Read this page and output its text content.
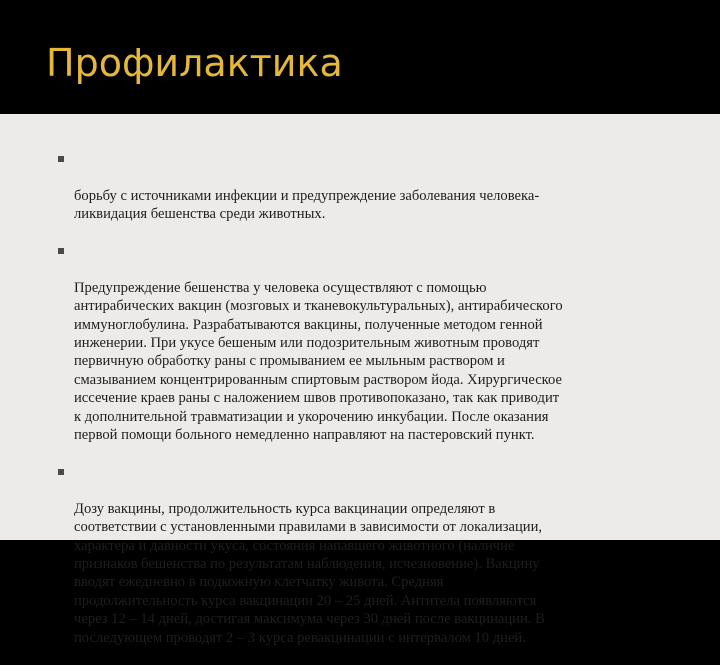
Профилактика

борьбу с источниками инфекции и предупреждение заболевания человека-
ликвидация бешенства среди животных.

Предупреждение бешенства у человека осуществляют с помощью
антирабических вакцин (мозговых и тканевокультуральных), антирабического
иммуноглобулина. Разрабатываются вакцины, полученные методом генной
инженерии. При укусе бешеным или подозрительным животным проводят
первичную обработку раны с промыванием ее мыльным раствором и
смазыванием концентрированным спиртовым раствором йода. Хирургическое
иссечение краев раны с наложением швов противопоказано, так как приводит
к дополнительной травматизации и укорочению инкубации. После оказания
первой помощи больного немедленно направляют на пастеровский пункт.

Дозу вакцины, продолжительность курса вакцинации определяют в
соответствии с установленными правилами в зависимости от локализации,
характера и давности укуса, состояния напавшего животного (наличие
признаков бешенства по результатам наблюдения, исчезновение). Вакцину
вводят ежедневно в подкожную клетчатку живота. Средняя
продолжительность курса вакцинации 20 – 25 дней. Антитела появляются
через 12 – 14 дней, достигая максимума через 30 дней после вакцинации. В
последующем проводят 2 – 3 курса ревакцинации с интервалом 10 дней.
